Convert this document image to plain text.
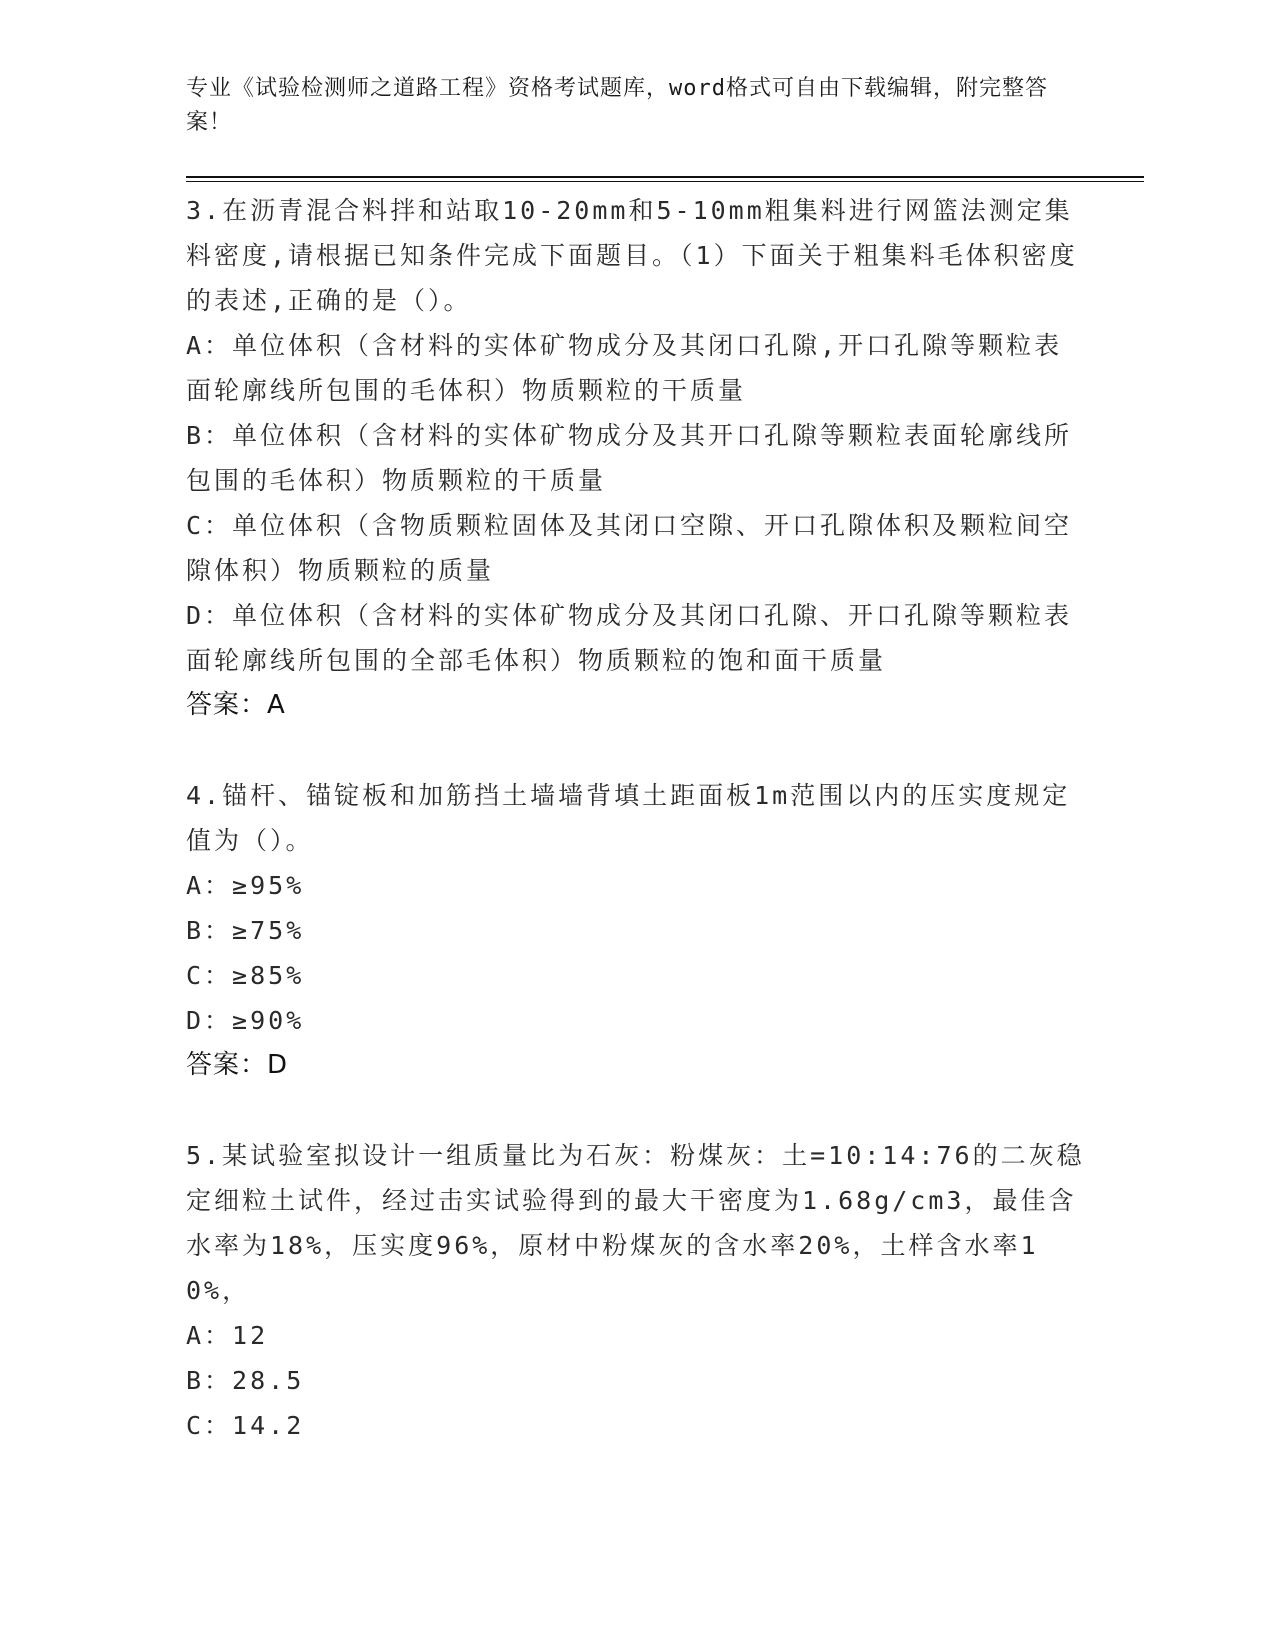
专业《试验检测师之道路工程》资格考试题库，word格式可自由下载编辑，附完整答案！
3.在沥青混合料拌和站取10-20mm和5-10mm粗集料进行网篮法测定集料密度,请根据已知条件完成下面题目。（1）下面关于粗集料毛体积密度的表述,正确的是（）。
A：单位体积（含材料的实体矿物成分及其闭口孔隙,开口孔隙等颗粒表面轮廓线所包围的毛体积）物质颗粒的干质量
B：单位体积（含材料的实体矿物成分及其开口孔隙等颗粒表面轮廓线所包围的毛体积）物质颗粒的干质量
C：单位体积（含物质颗粒固体及其闭口空隙、开口孔隙体积及颗粒间空隙体积）物质颗粒的质量
D：单位体积（含材料的实体矿物成分及其闭口孔隙、开口孔隙等颗粒表面轮廓线所包围的全部毛体积）物质颗粒的饱和面干质量
答案：A
4.锚杆、锚锭板和加筋挡土墙墙背填土距面板1m范围以内的压实度规定值为（）。
A：≥95%
B：≥75%
C：≥85%
D：≥90%
答案：D
5.某试验室拟设计一组质量比为石灰：粉煤灰：土=10:14:76的二灰稳定细粒土试件，经过击实试验得到的最大干密度为1.68g/cm3，最佳含水率为18%，压实度96%，原材中粉煤灰的含水率20%，土样含水率10%，
A：12
B：28.5
C：14.2
